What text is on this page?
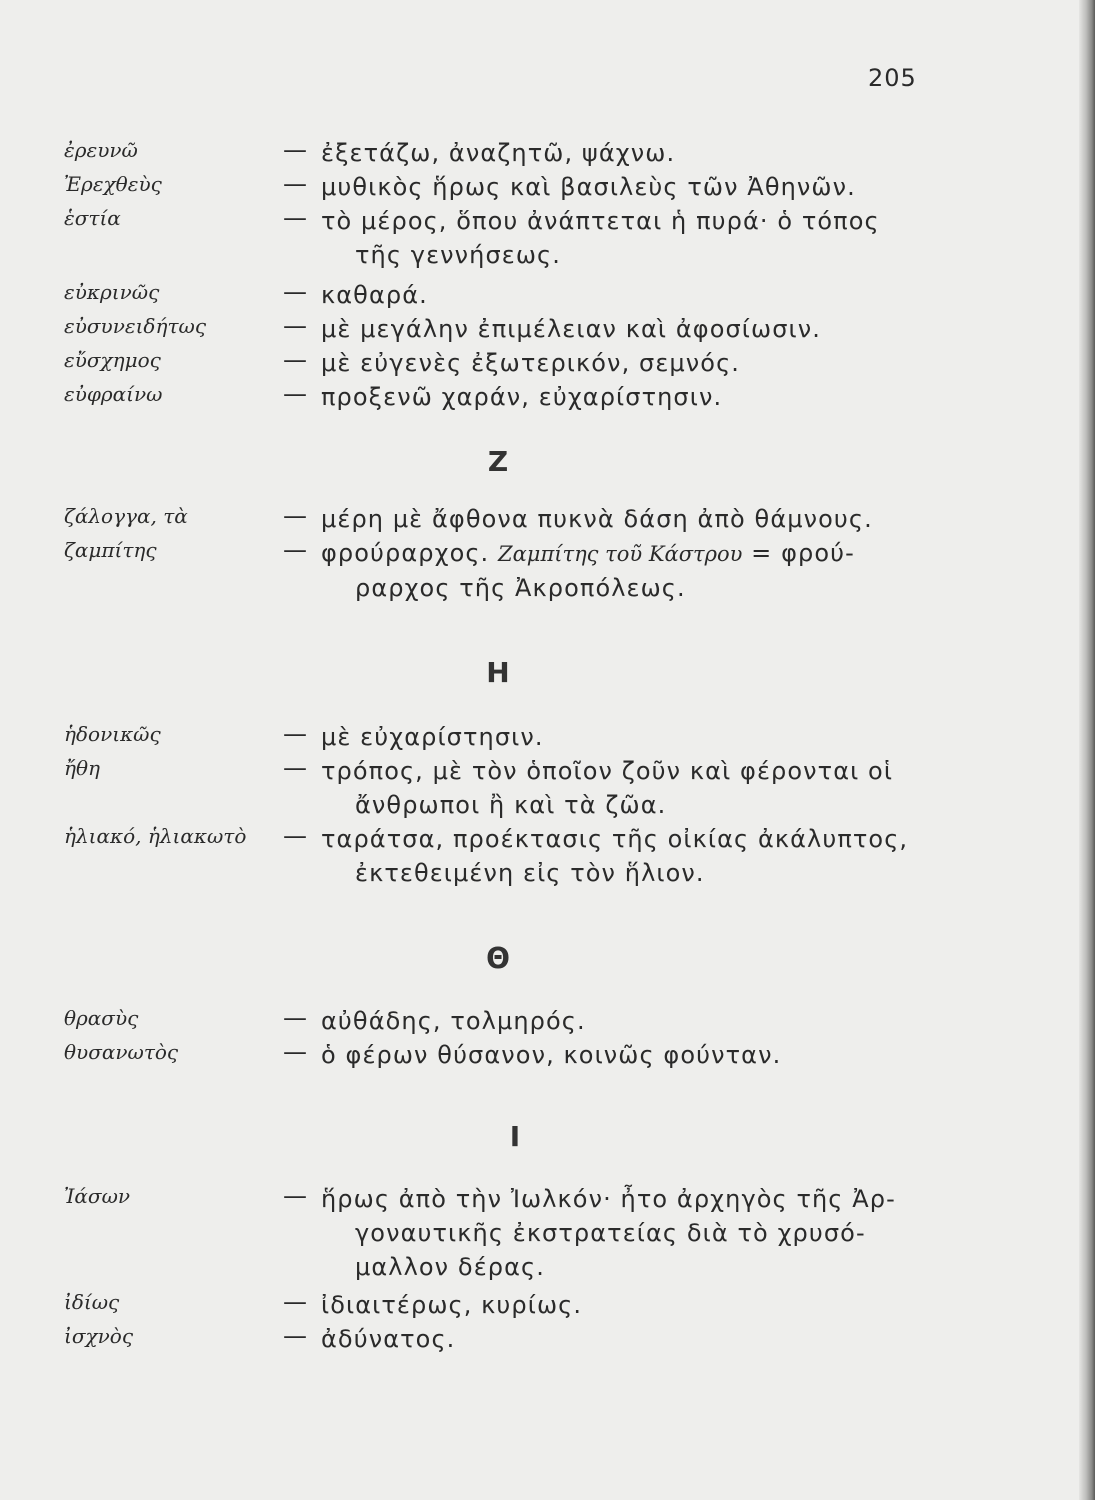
205
ἐρευνῶ	— ἐξετάζω, ἀναζητῶ, ψάχνω.
Ἐρεχθεὺς	— μυθικὸς ἥρως καὶ βασιλεὺς τῶν Ἀθηνῶν.
ἑστία	— τὸ μέρος, ὅπου ἀνάπτεται ἡ πυρά· ὁ τόπος
τῆς γεννήσεως.
εὐκρινῶς	— καθαρά.
εὐσυνειδήτως	— μὲ μεγάλην ἐπιμέλειαν καὶ ἀφοσίωσιν.
εὔσχημος	— μὲ εὐγενὲς ἐξωτερικόν, σεμνός.
εὐφραίνω	— προξενῶ χαράν, εὐχαρίστησιν.
Z
ζάλογγα, τὰ	— μέρη μὲ ἄφθονα πυκνὰ δάση ἀπὸ θάμνους.
ζαμπίτης	— φρούραρχος. Ζαμπίτης τοῦ Κάστρου = φρού-
ραρχος τῆς Ἀκροπόλεως.
H
ἡδονικῶς	— μὲ εὐχαρίστησιν.
ἤθη	— τρόπος, μὲ τὸν ὁποῖον ζοῦν καὶ φέρονται οἱ
ἄνθρωποι ἢ καὶ τὰ ζῶα.
ἡλιακό, ἡλιακωτὸ — ταράτσα, προέκτασις τῆς οἰκίας ἀκάλυπτος,
ἐκτεθειμένη εἰς τὸν ἥλιον.
Θ
θρασὺς	— αὐθάδης, τολμηρός.
θυσανωτὸς	— ὁ φέρων θύσανον, κοινῶς φούνταν.
I
Ἰάσων	— ἥρως ἀπὸ τὴν Ἰωλκόν· ἦτο ἀρχηγὸς τῆς Ἀρ-
γοναυτικῆς ἐκστρατείας διὰ τὸ χρυσό-
μαλλον δέρας.
ἰδίως	— ἰδιαιτέρως, κυρίως.
ἰσχνὸς	— ἀδύνατος.
